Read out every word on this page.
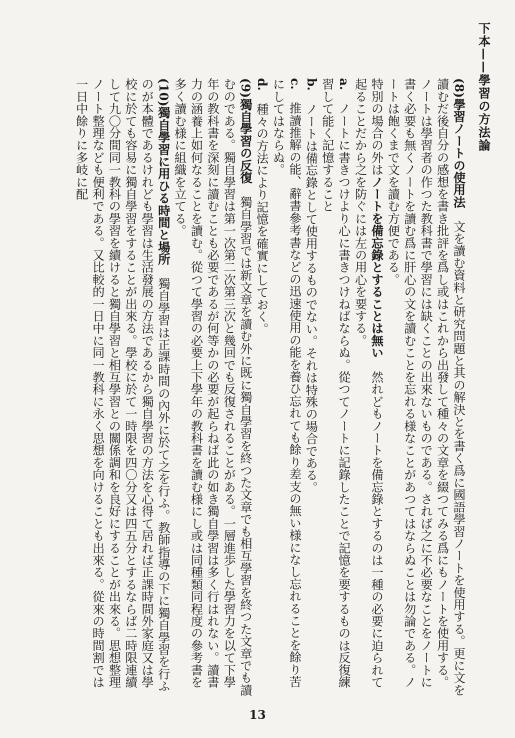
下本——學習の方法論

(8)學習ノートの使用法　文を讀む資料と研究問題と其の解決とを書く爲に國語學習ノートを使用する。更に文を讀むだ後自分の感想を書き批評を爲し或はこれから出發して種々の文章を綴つてみる爲にもノートを使用する。ノートは學習者の作つた教科書で學習には缺くことの出來ないものである。されば之に不必要なことをノートに書く必要も無くノートを讀む爲に肝心の文を讀むことを忘れる様なことがあつてはならぬことは勿論である。ノートは飽くまで文を讀む方便である。

特別の場合の外はノートを備忘錄とすることは無い　然れどもノートを備忘錄とするのは一種の必要に迫られて起ることだから之を防ぐには左の用心を要する。

a.　ノートに書きつけより心に書きつけねばならぬ。從つてノートに記錄したことで記憶を要するものは反復練習して能く記憶すること

b.　ノートは備忘錄として使用するものでない。それは特殊の場合である。

c.　推讀推解の能、辭書參考書などの迅速使用の能を養ひ忘れても餘り差支の無い様になし忘れることを餘り苦にしてはならぬ。

d.　種々の方法により記憶を確實にしておく。

(9)獨自學習の反復　獨自學習では新文章を讀む外に既に獨自學習を終つた文章でも相互學習を終つた文章でも讀むのである。獨自學習は第一次第二次第三次と幾回でも反復されることがある。一層進歩した學習力を以て下學年の教科書を深刻に讀むことも必要であるが何等かの必要が起らねば此の如き獨自學習は多く行はれない。讀書力の涵養上如何なることを讀む。從つて學習の必要上下學年の教科書を讀む様にし或は同種類同程度の參考書を多く讀む様に組織を立てる。

(10)獨自學習に用ひる時間と場所　獨自學習は正課時間の內外に於て之を行ふ。教師指導の下に獨自學習を行ふのが本體であるけれども學習は生活發展の方法であるから獨自學習の方法を心得て居れば正課時間外家庭又は學校に於ても容易に獨自學習をすることが出來る。學校に於て一時限を四〇分又は四五分とするならば二時限連續して九〇分間同一教科の學習を續けると獨自學習と相互學習との關係調和を良好にすることが出來る。思想整理ノート整理なども便利である。又比較的一日中に同一教科に永く思想を向けることも出來る。從來の時間割では一日中餘りに多岐に配

13
